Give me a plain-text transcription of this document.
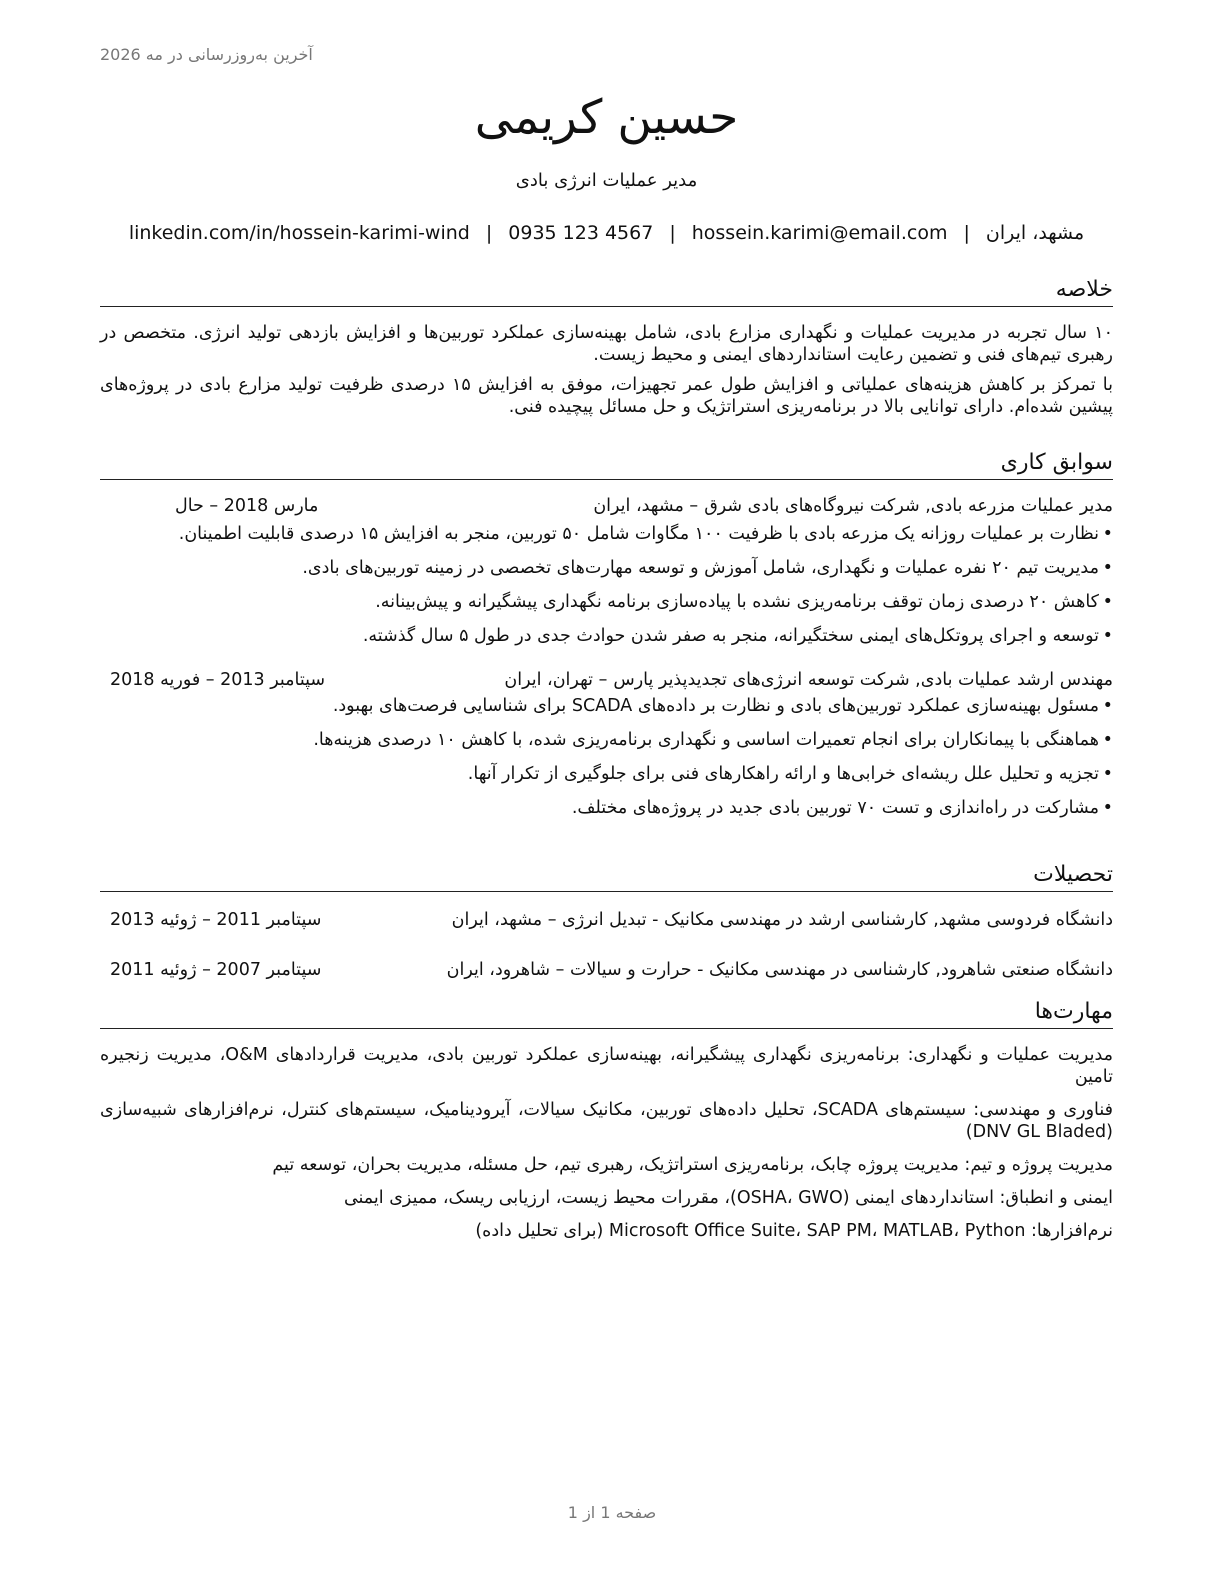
آخرین به‌روزرسانی در مه 2026
حسین کریمی
مدیر عملیات انرژی بادی
مشهد، ایران|hossein.karimi@email.com|0935 123 4567|linkedin.com/in/hossein-karimi-wind
خلاصه

۱۰ سال تجربه در مدیریت عملیات و نگهداری مزارع بادی، شامل بهینه‌سازی عملکرد توربین‌ها و افزایش بازدهی تولید انرژی. متخصص در رهبری تیم‌های فنی و تضمین رعایت استانداردهای ایمنی و محیط زیست.

با تمرکز بر کاهش هزینه‌های عملیاتی و افزایش طول عمر تجهیزات، موفق به افزایش ۱۵ درصدی ظرفیت تولید مزارع بادی در پروژه‌های پیشین شده‌ام. دارای توانایی بالا در برنامه‌ریزی استراتژیک و حل مسائل پیچیده فنی.

سوابق کاری
مدیر عملیات مزرعه بادی, شرکت نیروگاه‌های بادی شرق
– مشهد، ایران
مارس 2018 – حال
• نظارت بر عملیات روزانه یک مزرعه بادی با ظرفیت ۱۰۰ مگاوات شامل ۵۰ توربین، منجر به افزایش ۱۵ درصدی قابلیت اطمینان.
• مدیریت تیم ۲۰ نفره عملیات و نگهداری، شامل آموزش و توسعه مهارت‌های تخصصی در زمینه توربین‌های بادی.
• کاهش ۲۰ درصدی زمان توقف برنامه‌ریزی نشده با پیاده‌سازی برنامه نگهداری پیشگیرانه و پیش‌بینانه.
• توسعه و اجرای پروتکل‌های ایمنی سختگیرانه، منجر به صفر شدن حوادث جدی در طول ۵ سال گذشته.
مهندس ارشد عملیات بادی, شرکت توسعه انرژی‌های تجدیدپذیر پارس
– تهران، ایران
سپتامبر 2013 – فوریه 2018
• مسئول بهینه‌سازی عملکرد توربین‌های بادی و نظارت بر داده‌های SCADA برای شناسایی فرصت‌های بهبود.
• هماهنگی با پیمانکاران برای انجام تعمیرات اساسی و نگهداری برنامه‌ریزی شده، با کاهش ۱۰ درصدی هزینه‌ها.
• تجزیه و تحلیل علل ریشه‌ای خرابی‌ها و ارائه راهکارهای فنی برای جلوگیری از تکرار آنها.
• مشارکت در راه‌اندازی و تست ۷۰ توربین بادی جدید در پروژه‌های مختلف.
تحصیلات
دانشگاه فردوسی مشهد, کارشناسی ارشد در مهندسی مکانیک - تبدیل انرژی – مشهد، ایران
سپتامبر 2011 – ژوئیه 2013
دانشگاه صنعتی شاهرود, کارشناسی در مهندسی مکانیک - حرارت و سیالات – شاهرود، ایران
سپتامبر 2007 – ژوئیه 2011
مهارت‌ها

مدیریت عملیات و نگهداری: برنامه‌ریزی نگهداری پیشگیرانه، بهینه‌سازی عملکرد توربین بادی، مدیریت قراردادهای O&M، مدیریت زنجیره تامین

فناوری و مهندسی: سیستم‌های SCADA، تحلیل داده‌های توربین، مکانیک سیالات، آیرودینامیک، سیستم‌های کنترل، نرم‌افزارهای شبیه‌سازی (DNV GL Bladed)

مدیریت پروژه و تیم: مدیریت پروژه چابک، برنامه‌ریزی استراتژیک، رهبری تیم، حل مسئله، مدیریت بحران، توسعه تیم

ایمنی و انطباق: استانداردهای ایمنی (OSHA، GWO)، مقررات محیط زیست، ارزیابی ریسک، ممیزی ایمنی

نرم‌افزارها: Microsoft Office Suite، SAP PM، MATLAB، Python (برای تحلیل داده)

صفحه 1 از 1
